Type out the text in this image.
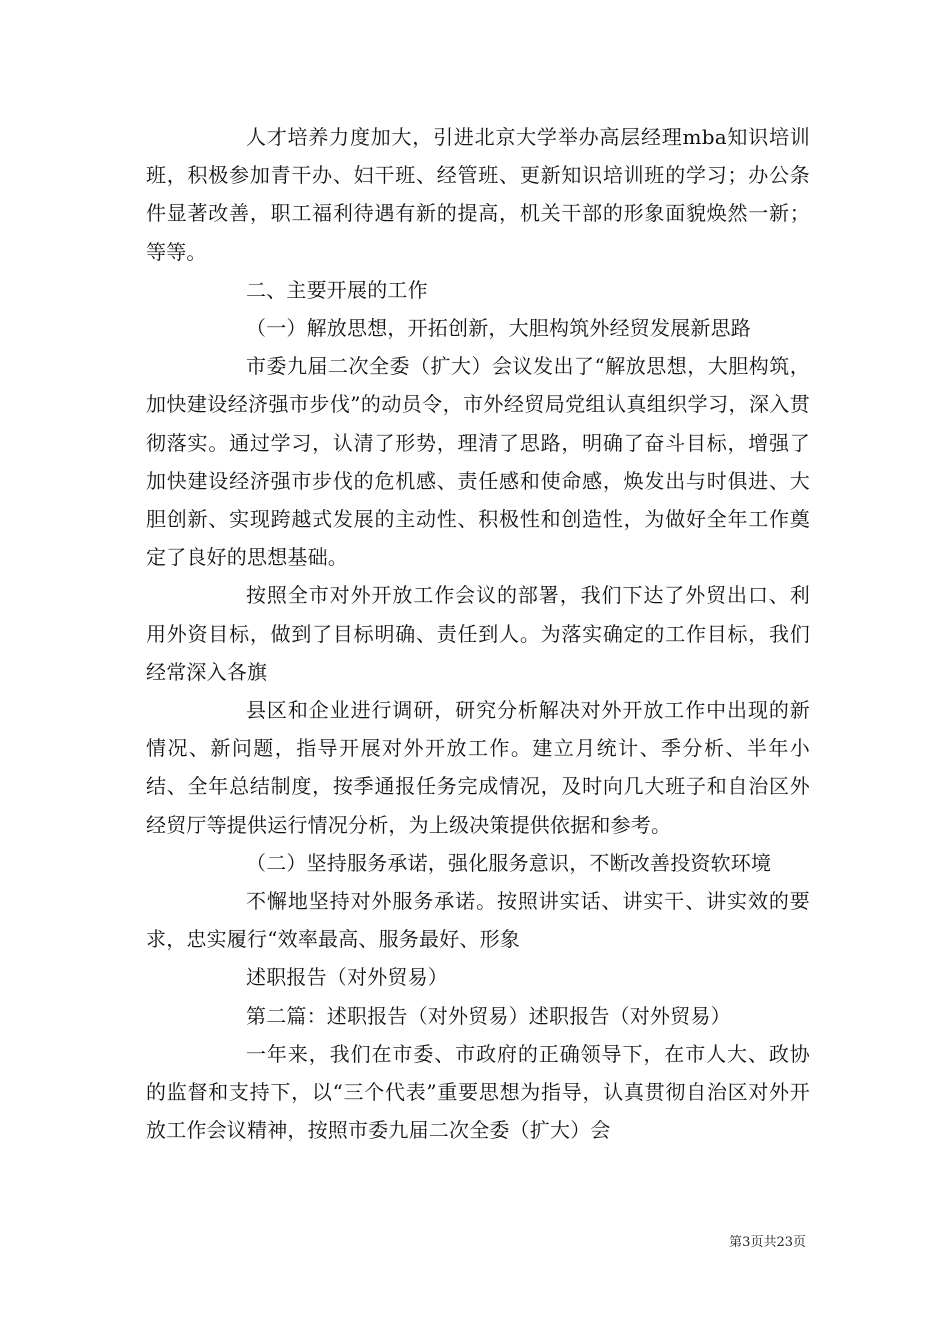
人才培养力度加大，引进北京大学举办高层经理mba知识培训班，积极参加青干办、妇干班、经管班、更新知识培训班的学习；办公条件显著改善，职工福利待遇有新的提高，机关干部的形象面貌焕然一新；等等。

二、主要开展的工作

（一）解放思想，开拓创新，大胆构筑外经贸发展新思路

市委九届二次全委（扩大）会议发出了“解放思想，大胆构筑，加快建设经济强市步伐”的动员令，市外经贸局党组认真组织学习，深入贯彻落实。通过学习，认清了形势，理清了思路，明确了奋斗目标，增强了加快建设经济强市步伐的危机感、责任感和使命感，焕发出与时俱进、大胆创新、实现跨越式发展的主动性、积极性和创造性，为做好全年工作奠定了良好的思想基础。

按照全市对外开放工作会议的部署，我们下达了外贸出口、利用外资目标，做到了目标明确、责任到人。为落实确定的工作目标，我们经常深入各旗

县区和企业进行调研，研究分析解决对外开放工作中出现的新情况、新问题，指导开展对外开放工作。建立月统计、季分析、半年小结、全年总结制度，按季通报任务完成情况，及时向几大班子和自治区外经贸厅等提供运行情况分析，为上级决策提供依据和参考。

（二）坚持服务承诺，强化服务意识，不断改善投资软环境

不懈地坚持对外服务承诺。按照讲实话、讲实干、讲实效的要求，忠实履行“效率最高、服务最好、形象

述职报告（对外贸易）

第二篇：述职报告（对外贸易）述职报告（对外贸易）

一年来，我们在市委、市政府的正确领导下，在市人大、政协的监督和支持下，以“三个代表”重要思想为指导，认真贯彻自治区对外开放工作会议精神，按照市委九届二次全委（扩大）会

第3页共23页
